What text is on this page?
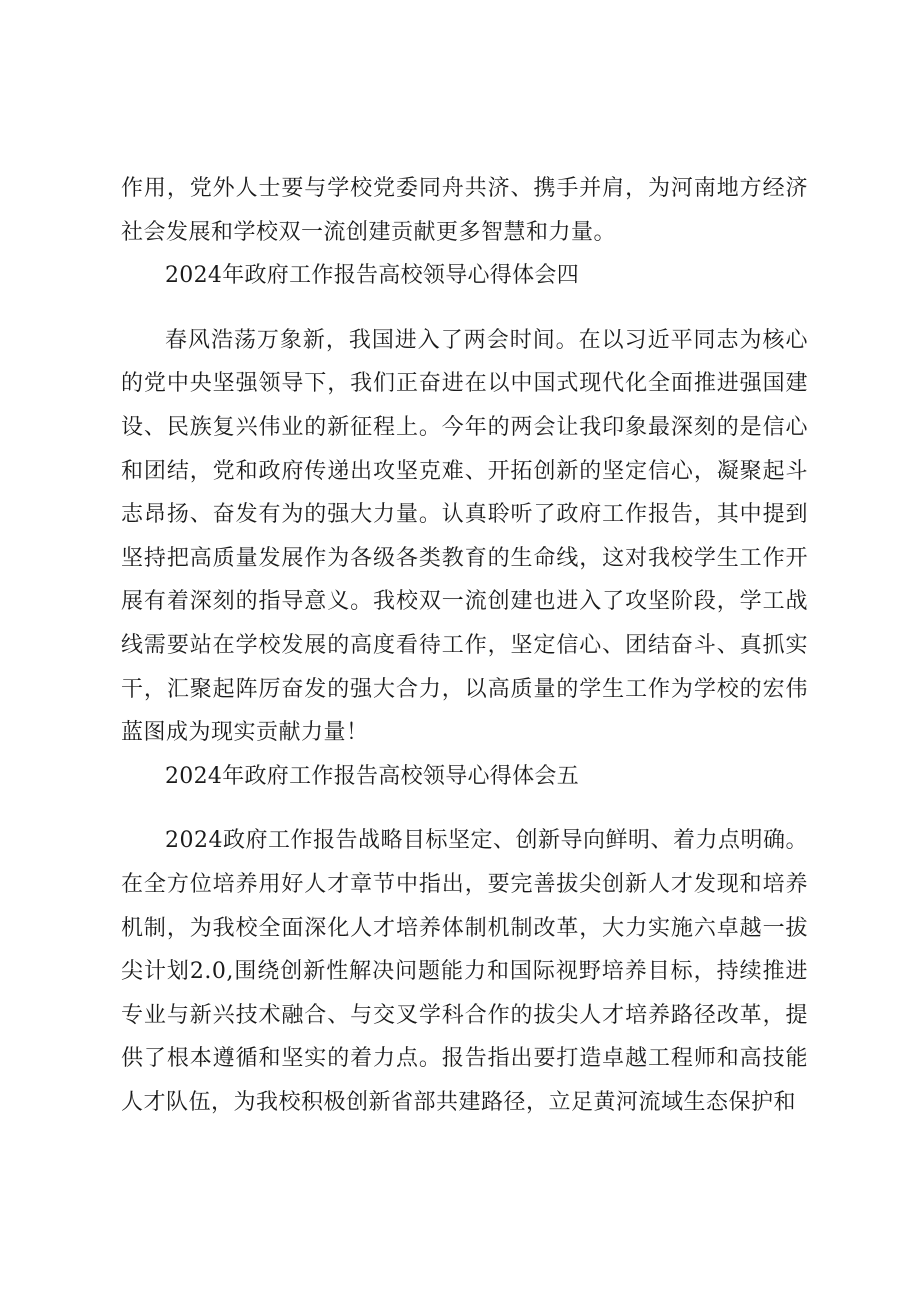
作用，党外人士要与学校党委同舟共济、携手并肩，为河南地方经济社会发展和学校双一流创建贡献更多智慧和力量。

2024年政府工作报告高校领导心得体会四

春风浩荡万象新，我国进入了两会时间。在以习近平同志为核心的党中央坚强领导下，我们正奋进在以中国式现代化全面推进强国建设、民族复兴伟业的新征程上。今年的两会让我印象最深刻的是信心和团结，党和政府传递出攻坚克难、开拓创新的坚定信心，凝聚起斗志昂扬、奋发有为的强大力量。认真聆听了政府工作报告，其中提到坚持把高质量发展作为各级各类教育的生命线，这对我校学生工作开展有着深刻的指导意义。我校双一流创建也进入了攻坚阶段，学工战线需要站在学校发展的高度看待工作，坚定信心、团结奋斗、真抓实干，汇聚起阵厉奋发的强大合力，以高质量的学生工作为学校的宏伟蓝图成为现实贡献力量！

2024年政府工作报告高校领导心得体会五

2024政府工作报告战略目标坚定、创新导向鲜明、着力点明确。在全方位培养用好人才章节中指出，要完善拔尖创新人才发现和培养机制，为我校全面深化人才培养体制机制改革，大力实施六卓越一拔尖计划2.0,围绕创新性解决问题能力和国际视野培养目标，持续推进专业与新兴技术融合、与交叉学科合作的拔尖人才培养路径改革，提供了根本遵循和坚实的着力点。报告指出要打造卓越工程师和高技能人才队伍，为我校积极创新省部共建路径，立足黄河流域生态保护和
